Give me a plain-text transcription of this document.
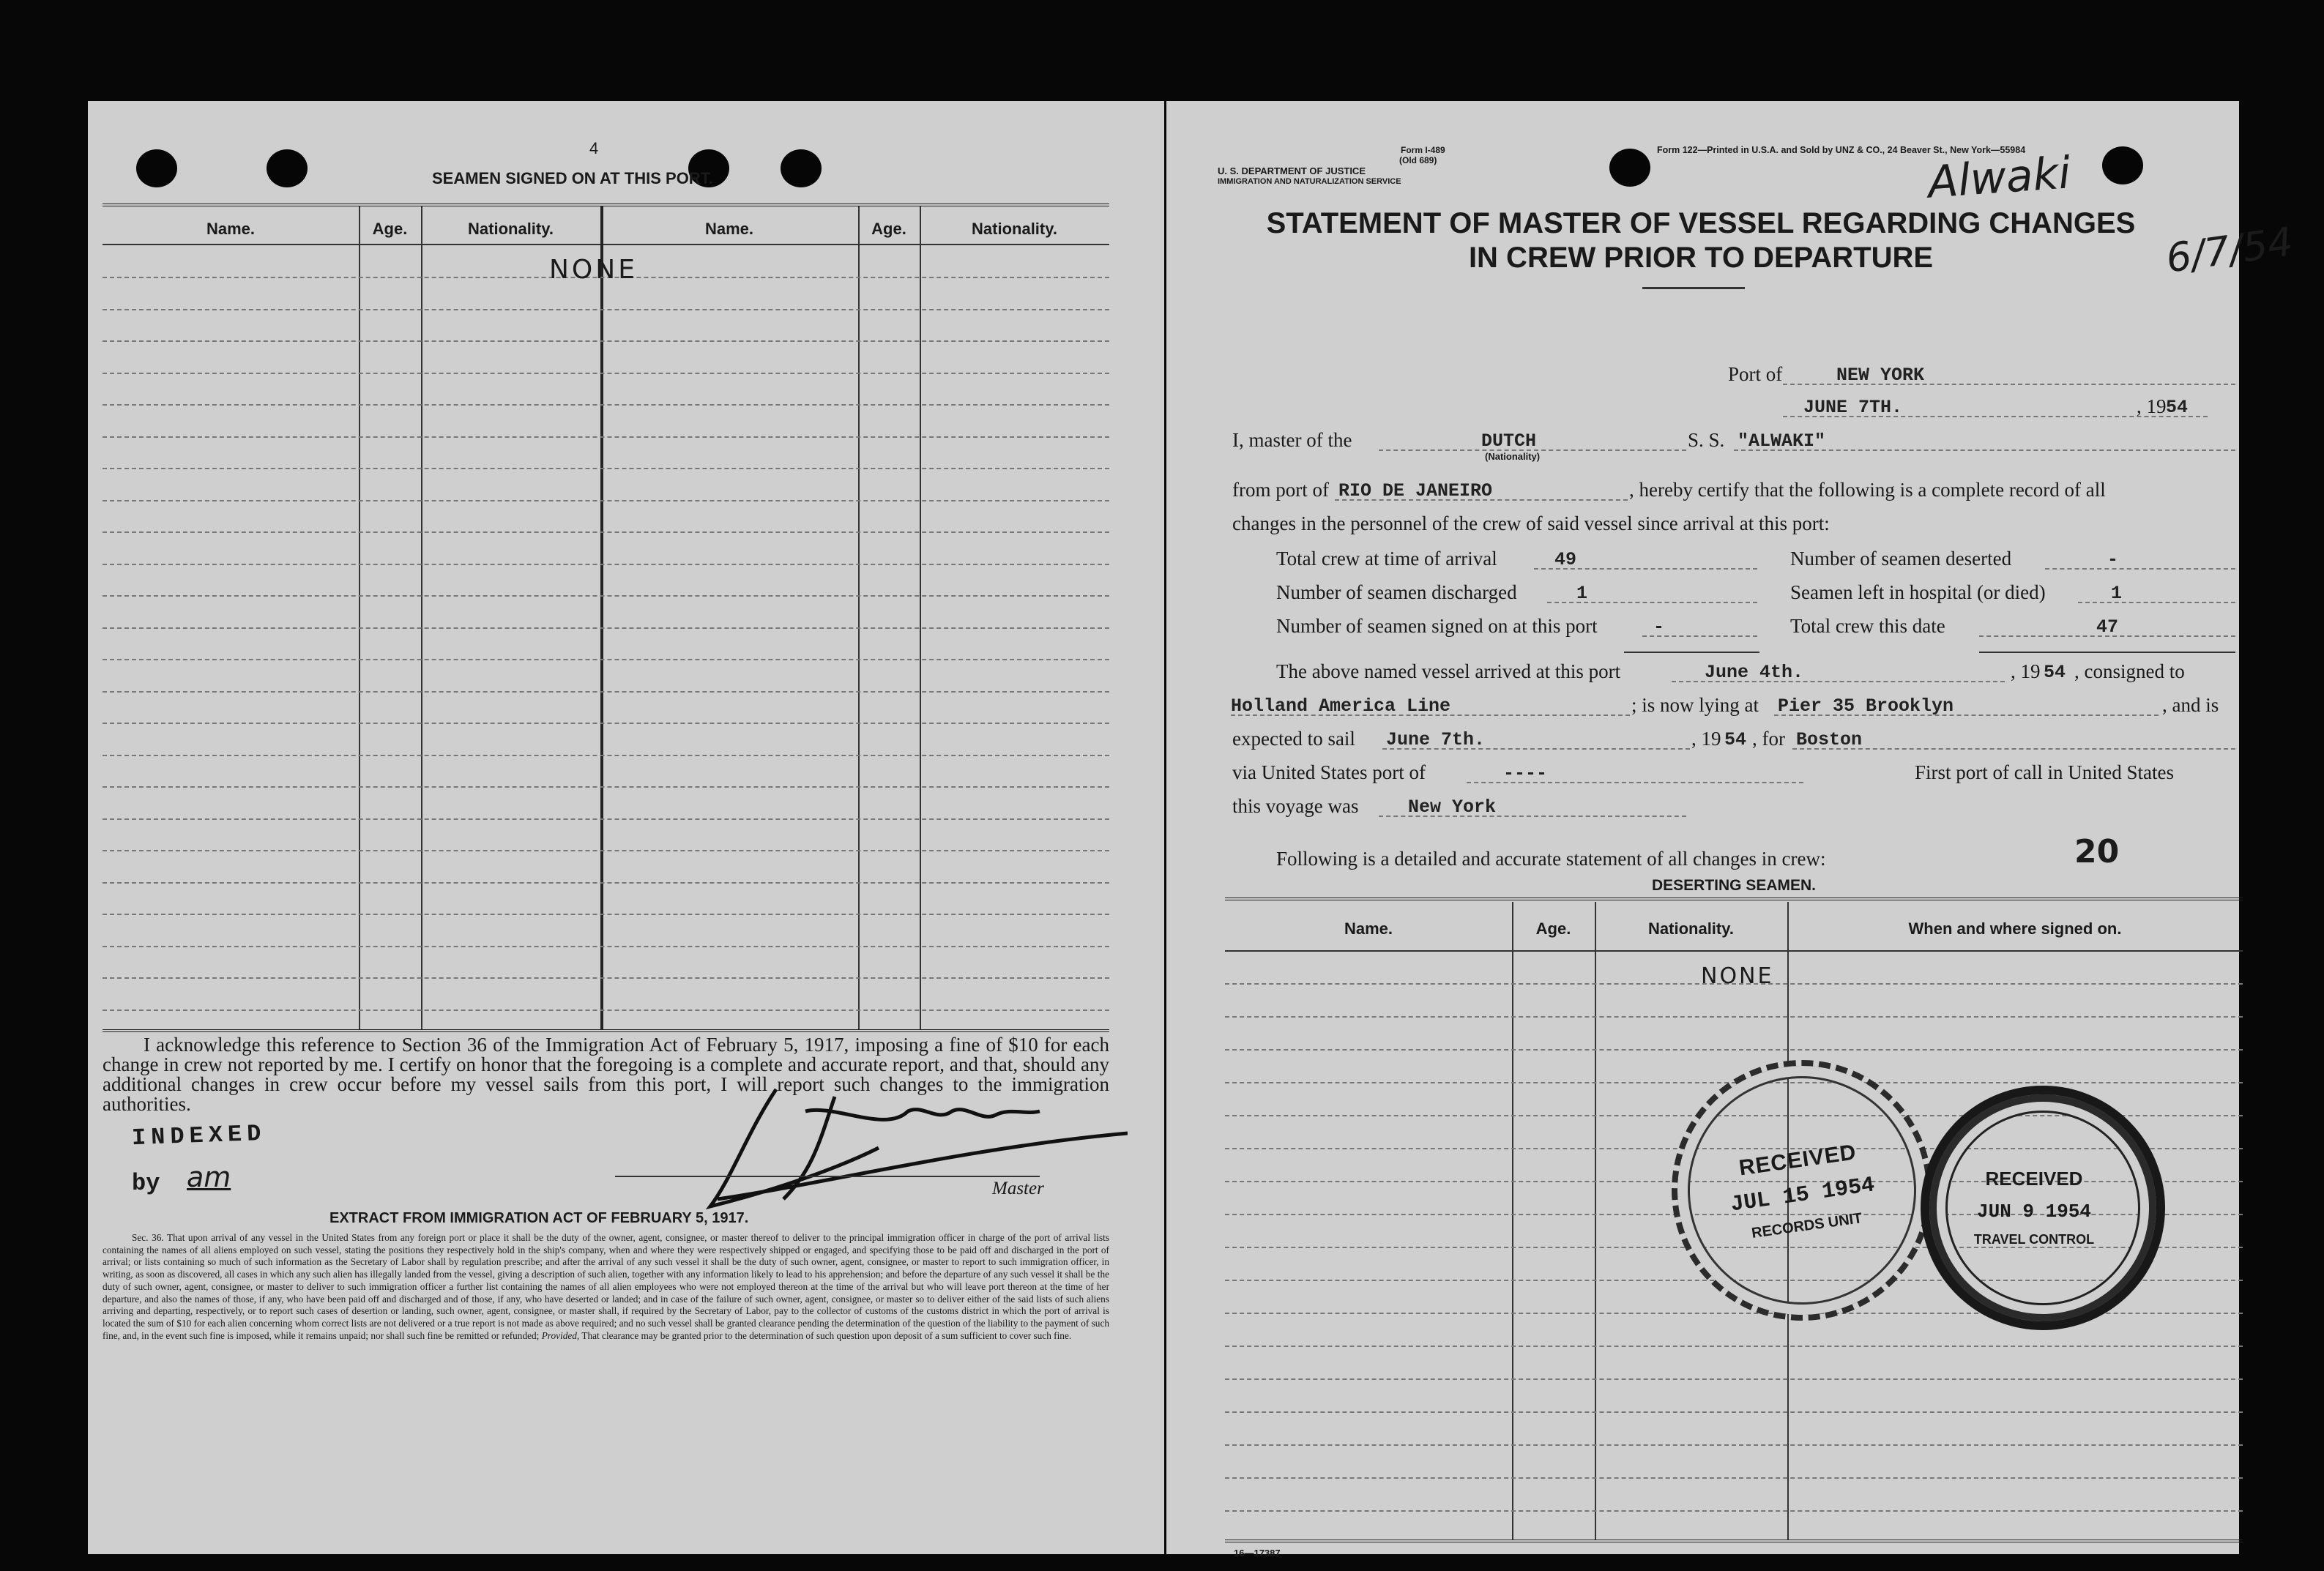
4
SEAMEN SIGNED ON AT THIS PORT.
Name.	Age.	Nationality.	Name.	Age.	Nationality.
NONE
I acknowledge this reference to Section 36 of the Immigration Act of February 5, 1917, imposing a fine of $10 for each change in crew not reported by me. I certify on honor that the foregoing is a complete and accurate report, and that, should any additional changes in crew occur before my vessel sails from this port, I will report such changes to the immigration authorities.
INDEXED
by am	Master
EXTRACT FROM IMMIGRATION ACT OF FEBRUARY 5, 1917.
Sec. 36. That upon arrival of any vessel in the United States from any foreign port or place it shall be the duty of the owner, agent, consignee, or master thereof to deliver to the principal immigration officer in charge of the port of arrival lists containing the names of all aliens employed on such vessel, stating the positions they respectively hold in the ship's company, when and where they were respectively shipped or engaged, and specifying those to be paid off and discharged in the port of arrival; or lists containing so much of such information as the Secretary of Labor shall by regulation prescribe; and after the arrival of any such vessel it shall be the duty of such owner, agent, consignee, or master to report to such immigration officer, in writing, as soon as discovered, all cases in which any such alien has illegally landed from the vessel, giving a description of such alien, together with any information likely to lead to his apprehension; and before the departure of any such vessel it shall be the duty of such owner, agent, consignee, or master to deliver to such immigration officer a further list containing the names of all alien employees who were not employed thereon at the time of the arrival but who will leave port thereon at the time of her departure, and also the names of those, if any, who have been paid off and discharged and of those, if any, who have deserted or landed; and in case of the failure of such owner, agent, consignee, or master so to deliver either of the said lists of such aliens arriving and departing, respectively, or to report such cases of desertion or landing, such owner, agent, consignee, or master shall, if required by the Secretary of Labor, pay to the collector of customs of the customs district in which the port of arrival is located the sum of $10 for each alien concerning whom correct lists are not delivered or a true report is not made as above required; and no such vessel shall be granted clearance pending the determination of the question of the liability to the payment of such fine, and, in the event such fine is imposed, while it remains unpaid; nor shall such fine be remitted or refunded; Provided, That clearance may be granted prior to the determination of such question upon deposit of a sum sufficient to cover such fine.
Form I-489
(Old 689)
U. S. DEPARTMENT OF JUSTICE
IMMIGRATION AND NATURALIZATION SERVICE
Form 122—Printed in U.S.A. and Sold by UNZ & CO., 24 Beaver St., New York—55984
Alwaki
6/7/54
STATEMENT OF MASTER OF VESSEL REGARDING CHANGES
IN CREW PRIOR TO DEPARTURE
Port of	NEW YORK
JUNE 7TH.	, 19 54
I, master of the	DUTCH
(Nationality)
S. S. "ALWAKI"
from port of RIO DE JANEIRO	, hereby certify that the following is a complete record of all
changes in the personnel of the crew of said vessel since arrival at this port:
Total crew at time of arrival	49
Number of seamen discharged	1
Number of seamen signed on at this port	-
Number of seamen deserted	-
Seamen left in hospital (or died)	1
Total crew this date	47
The above named vessel arrived at this port	June 4th.	, 19 54 , consigned to
Holland America Line	; is now lying at Pier 35 Brooklyn	, and is
expected to sail June 7th.	, 19 54 , for Boston
via United States port of	----	First port of call in United States
this voyage was	New York
Following is a detailed and accurate statement of all changes in crew:	20
DESERTING SEAMEN.
Name.	Age.	Nationality.	When and where signed on.
NONE
16—17387
RECEIVED
JUL 15 1954
RECORDS UNIT
RECEIVED
JUN 9 1954
TRAVEL CONTROL
